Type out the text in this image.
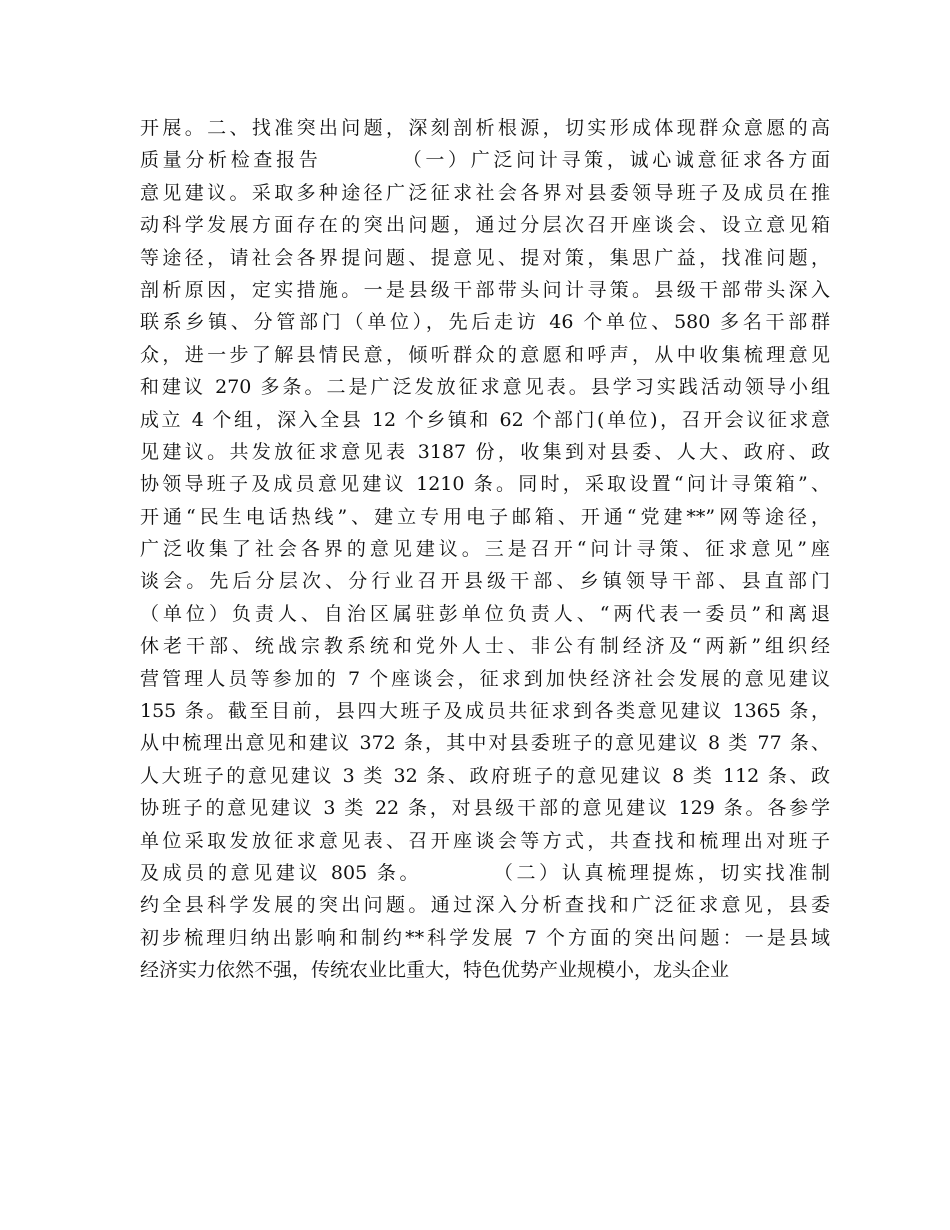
开展。二、找准突出问题，深刻剖析根源，切实形成体现群众意愿的高
质量分析检查报告　　　　（一）广泛问计寻策，诚心诚意征求各方面
意见建议。采取多种途径广泛征求社会各界对县委领导班子及成员在推
动科学发展方面存在的突出问题，通过分层次召开座谈会、设立意见箱
等途径，请社会各界提问题、提意见、提对策，集思广益，找准问题，
剖析原因，定实措施。一是县级干部带头问计寻策。县级干部带头深入
联系乡镇、分管部门（单位），先后走访 46 个单位、580 多名干部群
众，进一步了解县情民意，倾听群众的意愿和呼声，从中收集梳理意见
和建议 270 多条。二是广泛发放征求意见表。县学习实践活动领导小组
成立 4 个组，深入全县 12 个乡镇和 62 个部门(单位)，召开会议征求意
见建议。共发放征求意见表 3187 份，收集到对县委、人大、政府、政
协领导班子及成员意见建议 1210 条。同时，采取设置“问计寻策箱”、
开通“民生电话热线”、建立专用电子邮箱、开通“党建**”网等途径，
广泛收集了社会各界的意见建议。三是召开“问计寻策、征求意见”座
谈会。先后分层次、分行业召开县级干部、乡镇领导干部、县直部门
（单位）负责人、自治区属驻彭单位负责人、“两代表一委员”和离退
休老干部、统战宗教系统和党外人士、非公有制经济及“两新”组织经
营管理人员等参加的 7 个座谈会，征求到加快经济社会发展的意见建议
155 条。截至目前，县四大班子及成员共征求到各类意见建议 1365 条，
从中梳理出意见和建议 372 条，其中对县委班子的意见建议 8 类 77 条、
人大班子的意见建议 3 类 32 条、政府班子的意见建议 8 类 112 条、政
协班子的意见建议 3 类 22 条，对县级干部的意见建议 129 条。各参学
单位采取发放征求意见表、召开座谈会等方式，共查找和梳理出对班子
及成员的意见建议 805 条。　　　　（二）认真梳理提炼，切实找准制
约全县科学发展的突出问题。通过深入分析查找和广泛征求意见，县委
初步梳理归纳出影响和制约**科学发展 7 个方面的突出问题：一是县域
经济实力依然不强，传统农业比重大，特色优势产业规模小，龙头企业
